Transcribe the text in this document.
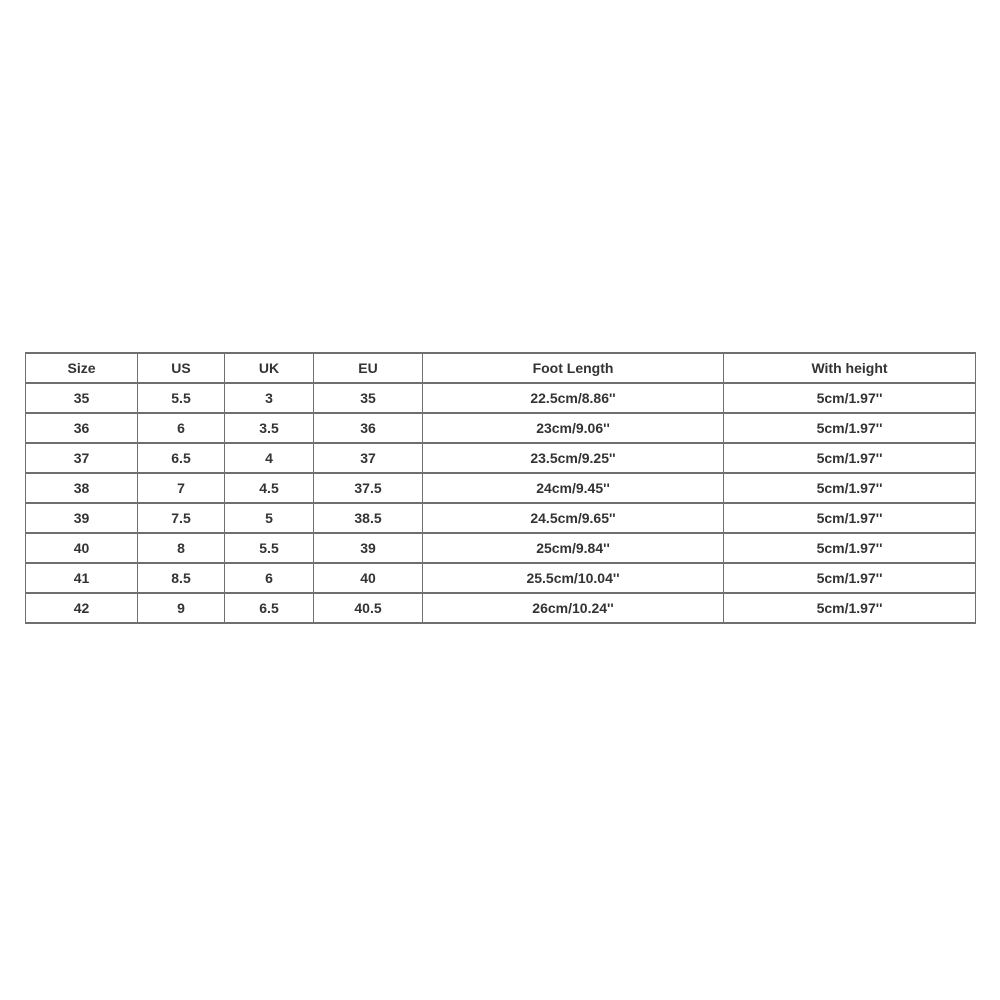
Size	US	UK	EU	Foot Length	With height
35	5.5	3	35	22.5cm/8.86''	5cm/1.97''
36	6	3.5	36	23cm/9.06''	5cm/1.97''
37	6.5	4	37	23.5cm/9.25''	5cm/1.97''
38	7	4.5	37.5	24cm/9.45''	5cm/1.97''
39	7.5	5	38.5	24.5cm/9.65''	5cm/1.97''
40	8	5.5	39	25cm/9.84''	5cm/1.97''
41	8.5	6	40	25.5cm/10.04''	5cm/1.97''
42	9	6.5	40.5	26cm/10.24''	5cm/1.97''
